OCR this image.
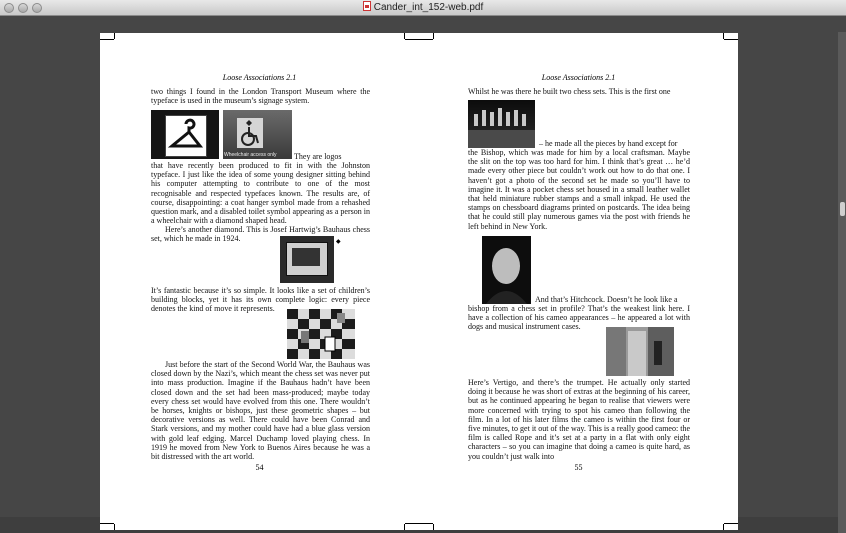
Cander_int_152-web.pdf
Loose Associations 2.1

two things I found in the London Transport Museum where the typeface is used in the museum’s signage system.

Wheelchair access only They are logos

that have recently been produced to fit in with the Johnston typeface. I just like the idea of some young designer sitting behind his computer attempting to contribute to one of the most recognisable and respected typefaces known. The results are, of course, disappointing: a coat hanger symbol made from a rehashed question mark, and a disabled toilet symbol appearing as a person in a wheelchair with a diamond shaped head.

Here’s another diamond. This is Josef Hartwig’s Bauhaus chess set, which he made in 1924.	◆

It’s fantastic because it’s so simple. It looks like a set of children’s building blocks, yet it has its own complete logic: every piece denotes the kind of move it represents.

Just before the start of the Second World War, the Bauhaus was closed down by the Nazi’s, which meant the chess set was never put into mass production. Imagine if the Bauhaus hadn’t have been closed down and the set had been mass-produced; maybe today every chess set would have evolved from this one. There wouldn’t be horses, knights or bishops, just these geometric shapes – but decorative versions as well. There could have been Conrad and Stark versions, and my mother could have had a blue glass version with gold leaf edging. Marcel Duchamp loved playing chess. In 1919 he moved from New York to Buenos Aires because he was a bit distressed with the art world.

54
Loose Associations 2.1

Whilst he was there he built two chess sets. This is the first one

– he made all the pieces by hand except for

the Bishop, which was made for him by a local craftsman. Maybe the slit on the top was too hard for him. I think that’s great … he’d made every other piece but couldn’t work out how to do that one. I haven’t got a photo of the second set he made so you’ll have to imagine it. It was a pocket chess set housed in a small leather wallet that held miniature rubber stamps and a small inkpad. He used the stamps on chessboard diagrams printed on postcards. The idea being that he could still play numerous games via the post with friends he left behind in New York.

And that’s Hitchcock. Doesn’t he look like a

bishop from a chess set in profile? That’s the weakest link here. I have a collection of his cameo appearances – he appeared a lot with dogs and musical instrument cases.

Here’s Vertigo, and there’s the trumpet. He actually only started doing it because he was short of extras at the beginning of his career, but as he continued appearing he began to realise that viewers were more concerned with trying to spot his cameo than following the film. In a lot of his later films the cameo is within the first four or five minutes, to get it out of the way. This is a really good cameo: the film is called Rope and it’s set at a party in a flat with only eight characters – so you can imagine that doing a cameo is quite hard, as you couldn’t just walk into

55
